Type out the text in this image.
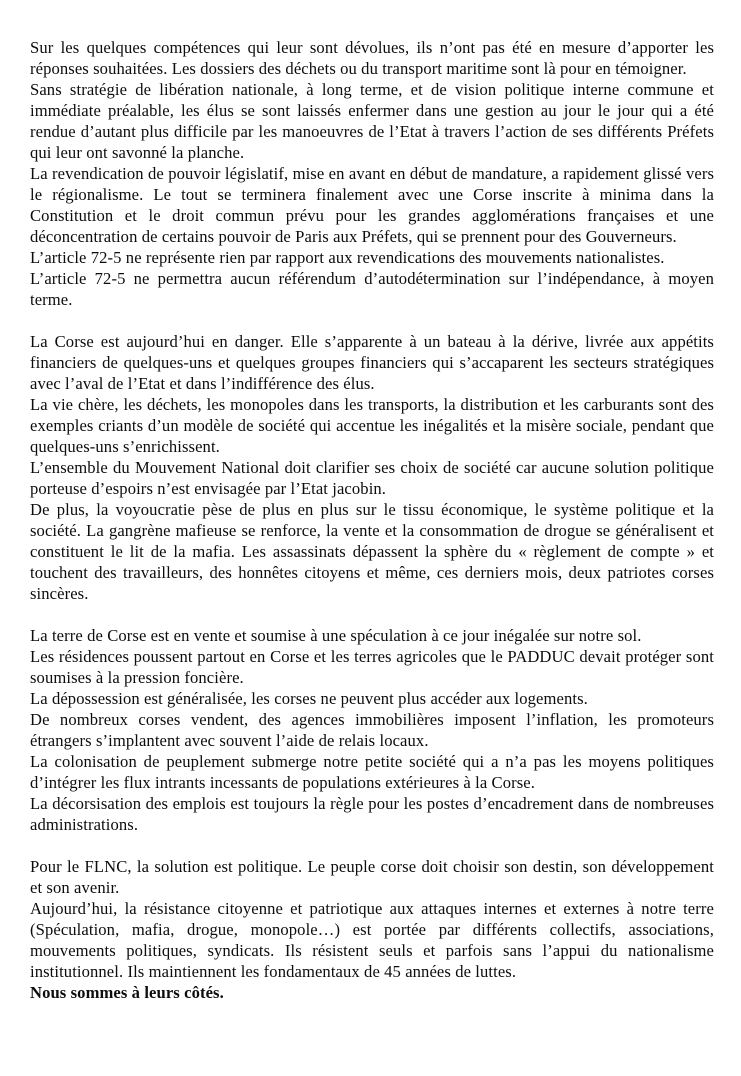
Sur les quelques compétences qui leur sont dévolues, ils n’ont pas été en mesure d’apporter les réponses souhaitées. Les dossiers des déchets ou du transport maritime sont là pour en témoigner.

Sans stratégie de libération nationale, à long terme, et de vision politique interne commune et immédiate préalable, les élus se sont laissés enfermer dans une gestion au jour le jour qui a été rendue d’autant plus difficile par les manoeuvres de l’Etat à travers l’action de ses différents Préfets qui leur ont savonné la planche.

La revendication de pouvoir législatif, mise en avant en début de mandature, a rapidement glissé vers le régionalisme. Le tout se terminera finalement avec une Corse inscrite à minima dans la Constitution et le droit commun prévu pour les grandes agglomérations françaises et une déconcentration de certains pouvoir de Paris aux Préfets, qui se prennent pour des Gouverneurs.

L’article 72-5 ne représente rien par rapport aux revendications des mouvements nationalistes.

L’article 72-5 ne permettra aucun référendum d’autodétermination sur l’indépendance, à moyen terme.

La Corse est aujourd’hui en danger. Elle s’apparente à un bateau à la dérive, livrée aux appétits financiers de quelques-uns et quelques groupes financiers qui s’accaparent les secteurs stratégiques avec l’aval de l’Etat et dans l’indifférence des élus.

La vie chère, les déchets, les monopoles dans les transports, la distribution et les carburants sont des exemples criants d’un modèle de société qui accentue les inégalités et la misère sociale, pendant que quelques-uns s’enrichissent.

L’ensemble du Mouvement National doit clarifier ses choix de société car aucune solution politique porteuse d’espoirs n’est envisagée par l’Etat jacobin.

De plus, la voyoucratie pèse de plus en plus sur le tissu économique, le système politique et la société. La gangrène mafieuse se renforce, la vente et la consommation de drogue se généralisent et constituent le lit de la mafia. Les assassinats dépassent la sphère du « règlement de compte » et touchent des travailleurs, des honnêtes citoyens et même, ces derniers mois, deux patriotes corses sincères.

La terre de Corse est en vente et soumise à une spéculation à ce jour inégalée sur notre sol.

Les résidences poussent partout en Corse et les terres agricoles que le PADDUC devait protéger sont soumises à la pression foncière.

La dépossession est généralisée, les corses ne peuvent plus accéder aux logements.

De nombreux corses vendent, des agences immobilières imposent l’inflation, les promoteurs étrangers s’implantent avec souvent l’aide de relais locaux.

La colonisation de peuplement submerge notre petite société qui a n’a pas les moyens politiques d’intégrer les flux intrants incessants de populations extérieures à la Corse.

La décorsisation des emplois est toujours la règle pour les postes d’encadrement dans de nombreuses administrations.

Pour le FLNC, la solution est politique. Le peuple corse doit choisir son destin, son développement et son avenir.

Aujourd’hui, la résistance citoyenne et patriotique aux attaques internes et externes à notre terre (Spéculation, mafia, drogue, monopole…) est portée par différents collectifs, associations, mouvements politiques, syndicats. Ils résistent seuls et parfois sans l’appui du nationalisme institutionnel. Ils maintiennent les fondamentaux de 45 années de luttes.

Nous sommes à leurs côtés.
